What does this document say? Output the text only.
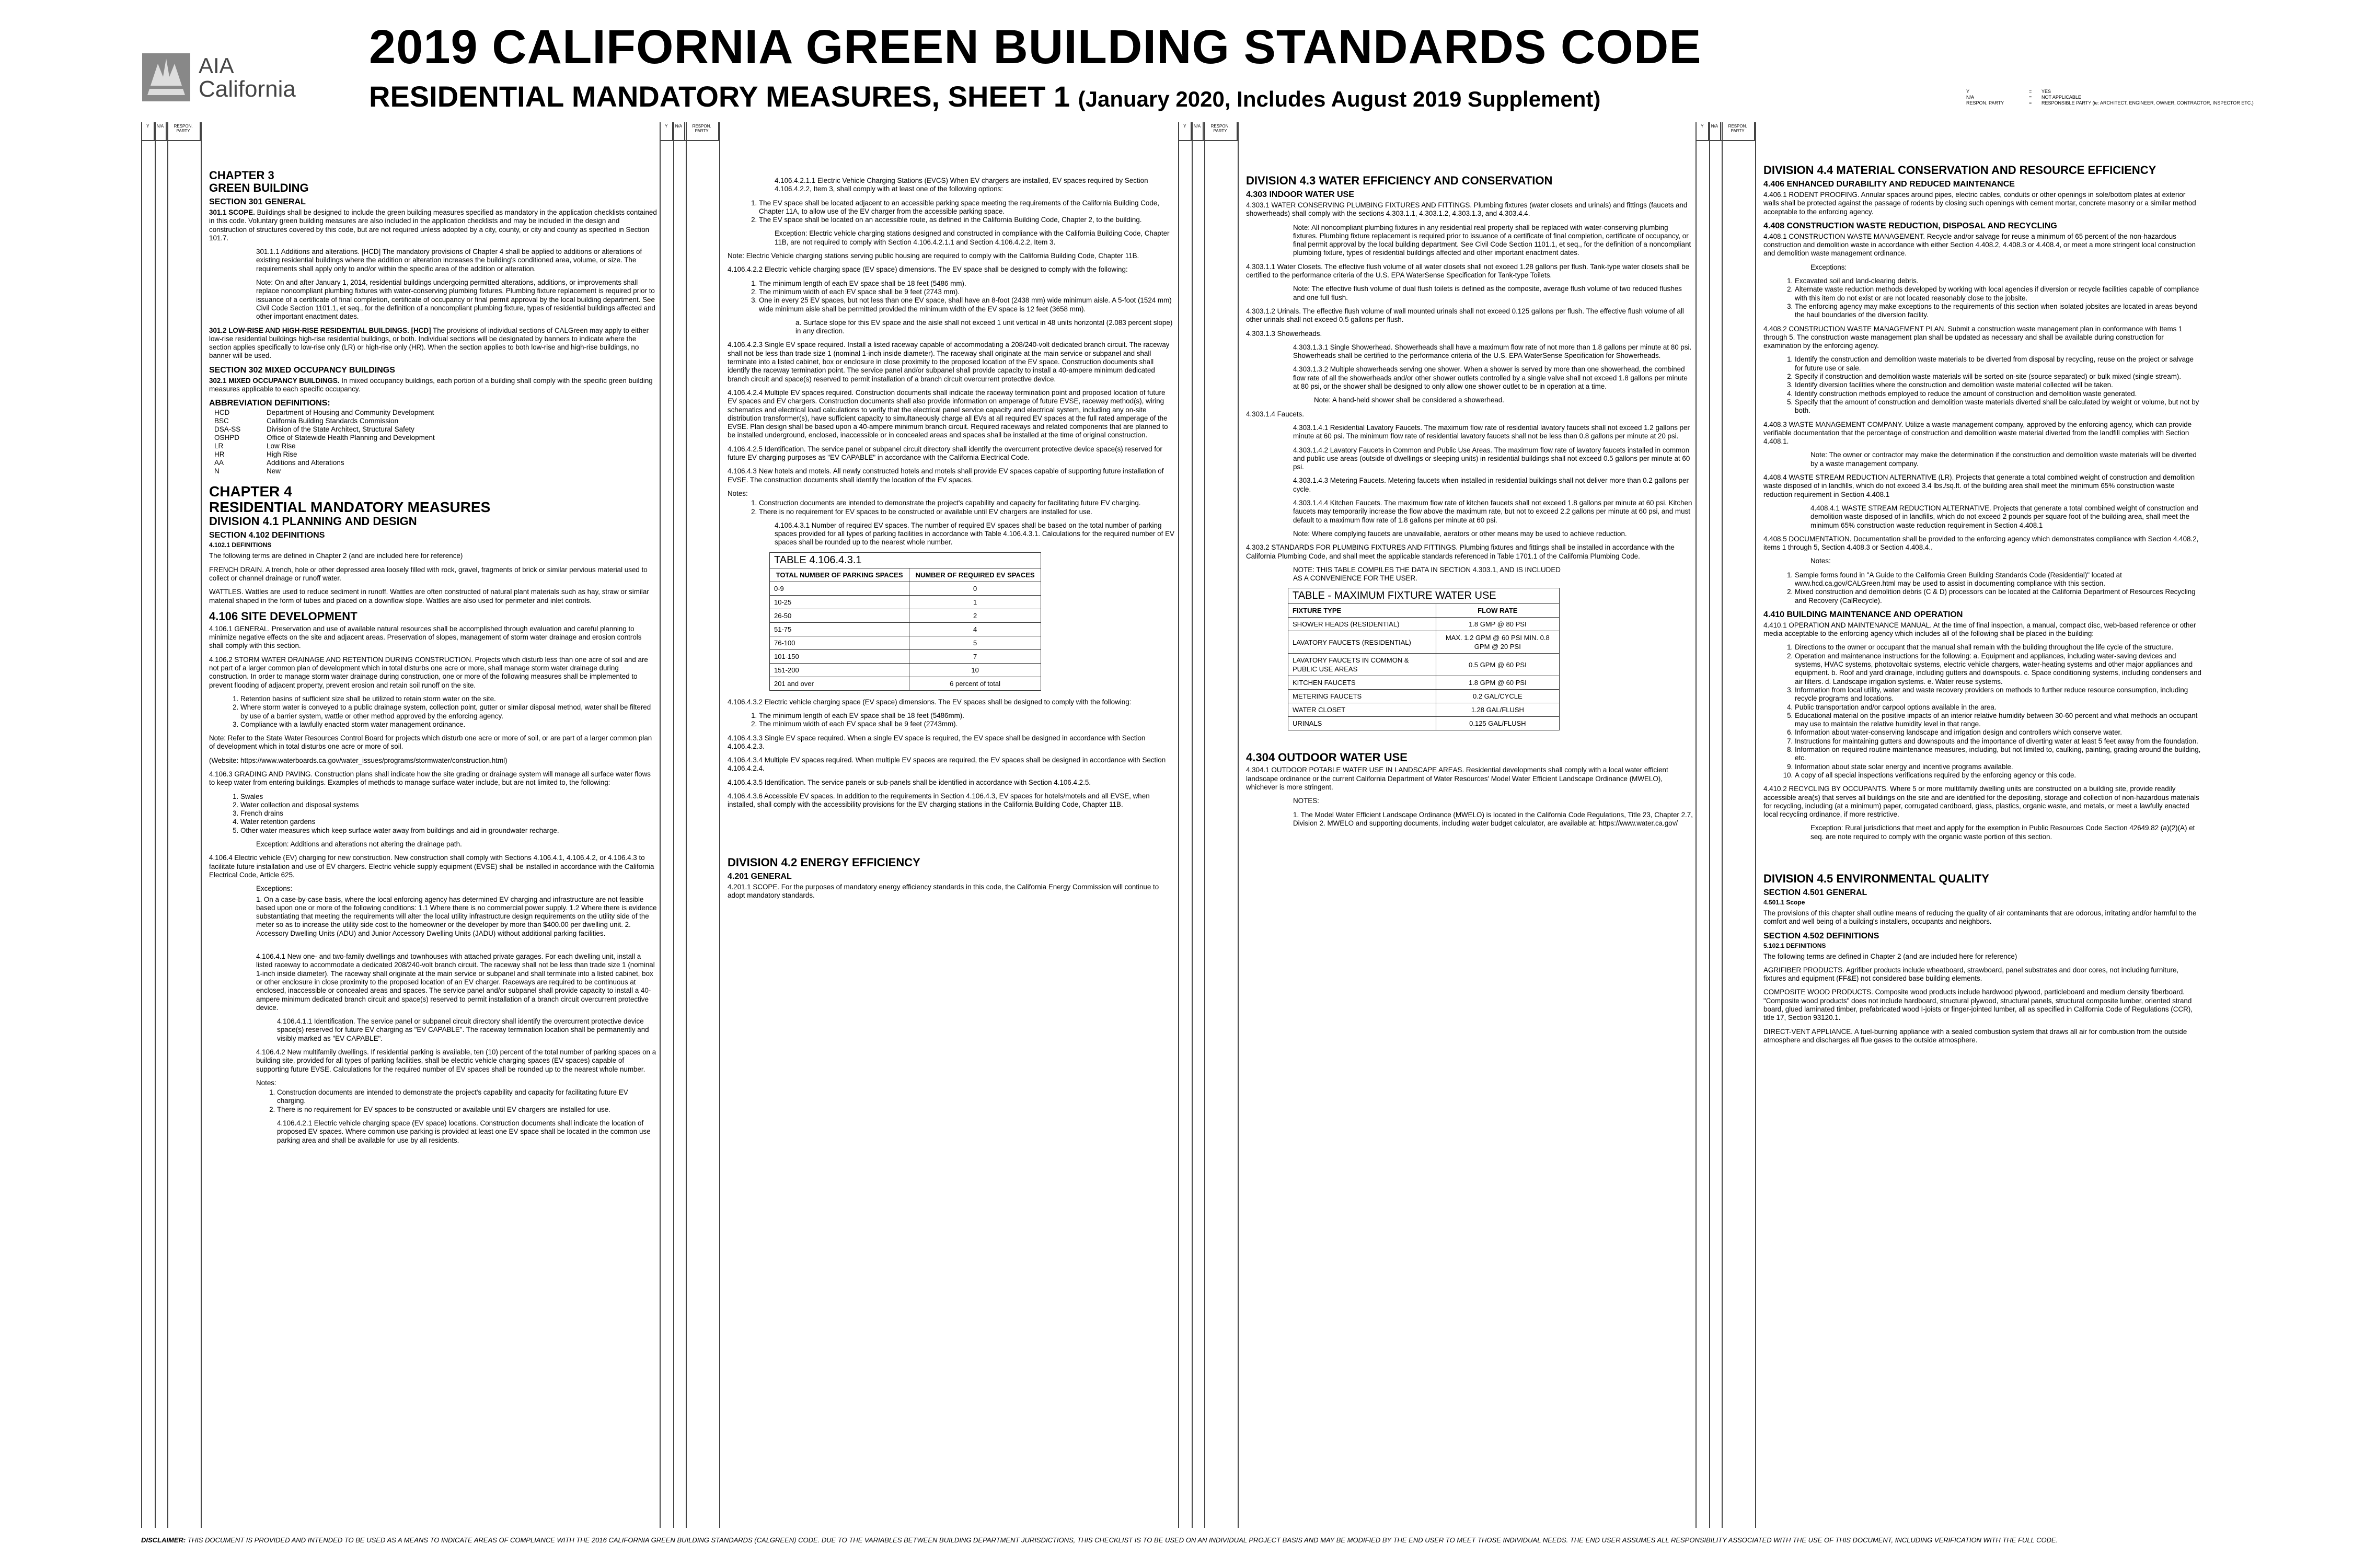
AIA
California
2019 CALIFORNIA GREEN BUILDING STANDARDS CODE
RESIDENTIAL MANDATORY MEASURES, SHEET 1 (January 2020, Includes August 2019 Supplement)	Y	=	YES
N/A	=	NOT APPLICABLE
RESPON. PARTY	=	RESPONSIBLE PARTY (ie: ARCHITECT, ENGINEER, OWNER, CONTRACTOR, INSPECTOR ETC.)
Y	N/A	RESPON. PARTY
CHAPTER 3
GREEN BUILDING
SECTION 301 GENERAL

301.1 SCOPE. Buildings shall be designed to include the green building measures specified as mandatory in the application checklists contained in this code. Voluntary green building measures are also included in the application checklists and may be included in the design and construction of structures covered by this code, but are not required unless adopted by a city, county, or city and county as specified in Section 101.7.

301.1.1 Additions and alterations. [HCD] The mandatory provisions of Chapter 4 shall be applied to additions or alterations of existing residential buildings where the addition or alteration increases the building's conditioned area, volume, or size. The requirements shall apply only to and/or within the specific area of the addition or alteration.

Note: On and after January 1, 2014, residential buildings undergoing permitted alterations, additions, or improvements shall replace noncompliant plumbing fixtures with water-conserving plumbing fixtures. Plumbing fixture replacement is required prior to issuance of a certificate of final completion, certificate of occupancy or final permit approval by the local building department. See Civil Code Section 1101.1, et seq., for the definition of a noncompliant plumbing fixture, types of residential buildings affected and other important enactment dates.

301.2 LOW-RISE AND HIGH-RISE RESIDENTIAL BUILDINGS. [HCD] The provisions of individual sections of CALGreen may apply to either low-rise residential buildings high-rise residential buildings, or both. Individual sections will be designated by banners to indicate where the section applies specifically to low-rise only (LR) or high-rise only (HR). When the section applies to both low-rise and high-rise buildings, no banner will be used.

SECTION 302 MIXED OCCUPANCY BUILDINGS

302.1 MIXED OCCUPANCY BUILDINGS. In mixed occupancy buildings, each portion of a building shall comply with the specific green building measures applicable to each specific occupancy.

ABBREVIATION DEFINITIONS:
HCD	Department of Housing and Community Development
BSC	California Building Standards Commission
DSA-SS	Division of the State Architect, Structural Safety
OSHPD	Office of Statewide Health Planning and Development
LR	Low Rise
HR	High Rise
AA	Additions and Alterations
N	New
CHAPTER 4
RESIDENTIAL MANDATORY MEASURES
DIVISION 4.1 PLANNING AND DESIGN
SECTION 4.102 DEFINITIONS
4.102.1 DEFINITIONS

The following terms are defined in Chapter 2 (and are included here for reference)

FRENCH DRAIN. A trench, hole or other depressed area loosely filled with rock, gravel, fragments of brick or similar pervious material used to collect or channel drainage or runoff water.

WATTLES. Wattles are used to reduce sediment in runoff. Wattles are often constructed of natural plant materials such as hay, straw or similar material shaped in the form of tubes and placed on a downflow slope. Wattles are also used for perimeter and inlet controls.

4.106 SITE DEVELOPMENT

4.106.1 GENERAL. Preservation and use of available natural resources shall be accomplished through evaluation and careful planning to minimize negative effects on the site and adjacent areas. Preservation of slopes, management of storm water drainage and erosion controls shall comply with this section.

4.106.2 STORM WATER DRAINAGE AND RETENTION DURING CONSTRUCTION. Projects which disturb less than one acre of soil and are not part of a larger common plan of development which in total disturbs one acre or more, shall manage storm water drainage during construction. In order to manage storm water drainage during construction, one or more of the following measures shall be implemented to prevent flooding of adjacent property, prevent erosion and retain soil runoff on the site.

1. Retention basins of sufficient size shall be utilized to retain storm water on the site.
2. Where storm water is conveyed to a public drainage system, collection point, gutter or similar disposal method, water shall be filtered by use of a barrier system, wattle or other method approved by the enforcing agency.
3. Compliance with a lawfully enacted storm water management ordinance.

Note: Refer to the State Water Resources Control Board for projects which disturb one acre or more of soil, or are part of a larger common plan of development which in total disturbs one acre or more of soil.

(Website: https://www.waterboards.ca.gov/water_issues/programs/stormwater/construction.html)

4.106.3 GRADING AND PAVING. Construction plans shall indicate how the site grading or drainage system will manage all surface water flows to keep water from entering buildings. Examples of methods to manage surface water include, but are not limited to, the following:

1. Swales
2. Water collection and disposal systems
3. French drains
4. Water retention gardens
5. Other water measures which keep surface water away from buildings and aid in groundwater recharge.

Exception: Additions and alterations not altering the drainage path.

4.106.4 Electric vehicle (EV) charging for new construction. New construction shall comply with Sections 4.106.4.1, 4.106.4.2, or 4.106.4.3 to facilitate future installation and use of EV chargers. Electric vehicle supply equipment (EVSE) shall be installed in accordance with the California Electrical Code, Article 625.

Exceptions:

1. On a case-by-case basis, where the local enforcing agency has determined EV charging and infrastructure are not feasible based upon one or more of the following conditions: 1.1 Where there is no commercial power supply. 1.2 Where there is evidence substantiating that meeting the requirements will alter the local utility infrastructure design requirements on the utility side of the meter so as to increase the utility side cost to the homeowner or the developer by more than $400.00 per dwelling unit. 2. Accessory Dwelling Units (ADU) and Junior Accessory Dwelling Units (JADU) without additional parking facilities.

4.106.4.1 New one- and two-family dwellings and townhouses with attached private garages. For each dwelling unit, install a listed raceway to accommodate a dedicated 208/240-volt branch circuit. The raceway shall not be less than trade size 1 (nominal 1-inch inside diameter). The raceway shall originate at the main service or subpanel and shall terminate into a listed cabinet, box or other enclosure in close proximity to the proposed location of an EV charger. Raceways are required to be continuous at enclosed, inaccessible or concealed areas and spaces. The service panel and/or subpanel shall provide capacity to install a 40-ampere minimum dedicated branch circuit and space(s) reserved to permit installation of a branch circuit overcurrent protective device.

4.106.4.1.1 Identification. The service panel or subpanel circuit directory shall identify the overcurrent protective device space(s) reserved for future EV charging as "EV CAPABLE". The raceway termination location shall be permanently and visibly marked as "EV CAPABLE".

4.106.4.2 New multifamily dwellings. If residential parking is available, ten (10) percent of the total number of parking spaces on a building site, provided for all types of parking facilities, shall be electric vehicle charging spaces (EV spaces) capable of supporting future EVSE. Calculations for the required number of EV spaces shall be rounded up to the nearest whole number.

Notes:

1. Construction documents are intended to demonstrate the project's capability and capacity for facilitating future EV charging.
2. There is no requirement for EV spaces to be constructed or available until EV chargers are installed for use.

4.106.4.2.1 Electric vehicle charging space (EV space) locations. Construction documents shall indicate the location of proposed EV spaces. Where common use parking is provided at least one EV space shall be located in the common use parking area and shall be available for use by all residents.

Y	N/A	RESPON. PARTY

4.106.4.2.1.1 Electric Vehicle Charging Stations (EVCS) When EV chargers are installed, EV spaces required by Section 4.106.4.2.2, Item 3, shall comply with at least one of the following options:

1. The EV space shall be located adjacent to an accessible parking space meeting the requirements of the California Building Code, Chapter 11A, to allow use of the EV charger from the accessible parking space.
2. The EV space shall be located on an accessible route, as defined in the California Building Code, Chapter 2, to the building.

Exception: Electric vehicle charging stations designed and constructed in compliance with the California Building Code, Chapter 11B, are not required to comply with Section 4.106.4.2.1.1 and Section 4.106.4.2.2, Item 3.

Note: Electric Vehicle charging stations serving public housing are required to comply with the California Building Code, Chapter 11B.

4.106.4.2.2 Electric vehicle charging space (EV space) dimensions. The EV space shall be designed to comply with the following:

1. The minimum length of each EV space shall be 18 feet (5486 mm).
2. The minimum width of each EV space shall be 9 feet (2743 mm).
3. One in every 25 EV spaces, but not less than one EV space, shall have an 8-foot (2438 mm) wide minimum aisle. A 5-foot (1524 mm) wide minimum aisle shall be permitted provided the minimum width of the EV space is 12 feet (3658 mm).

a. Surface slope for this EV space and the aisle shall not exceed 1 unit vertical in 48 units horizontal (2.083 percent slope) in any direction.

4.106.4.2.3 Single EV space required. Install a listed raceway capable of accommodating a 208/240-volt dedicated branch circuit. The raceway shall not be less than trade size 1 (nominal 1-inch inside diameter). The raceway shall originate at the main service or subpanel and shall terminate into a listed cabinet, box or enclosure in close proximity to the proposed location of the EV space. Construction documents shall identify the raceway termination point. The service panel and/or subpanel shall provide capacity to install a 40-ampere minimum dedicated branch circuit and space(s) reserved to permit installation of a branch circuit overcurrent protective device.

4.106.4.2.4 Multiple EV spaces required. Construction documents shall indicate the raceway termination point and proposed location of future EV spaces and EV chargers. Construction documents shall also provide information on amperage of future EVSE, raceway method(s), wiring schematics and electrical load calculations to verify that the electrical panel service capacity and electrical system, including any on-site distribution transformer(s), have sufficient capacity to simultaneously charge all EVs at all required EV spaces at the full rated amperage of the EVSE. Plan design shall be based upon a 40-ampere minimum branch circuit. Required raceways and related components that are planned to be installed underground, enclosed, inaccessible or in concealed areas and spaces shall be installed at the time of original construction.

4.106.4.2.5 Identification. The service panel or subpanel circuit directory shall identify the overcurrent protective device space(s) reserved for future EV charging purposes as "EV CAPABLE" in accordance with the California Electrical Code.

4.106.4.3 New hotels and motels. All newly constructed hotels and motels shall provide EV spaces capable of supporting future installation of EVSE. The construction documents shall identify the location of the EV spaces.

Notes:

1. Construction documents are intended to demonstrate the project's capability and capacity for facilitating future EV charging.
2. There is no requirement for EV spaces to be constructed or available until EV chargers are installed for use.

4.106.4.3.1 Number of required EV spaces. The number of required EV spaces shall be based on the total number of parking spaces provided for all types of parking facilities in accordance with Table 4.106.4.3.1. Calculations for the required number of EV spaces shall be rounded up to the nearest whole number.

TABLE 4.106.4.3.1	
TOTAL NUMBER OF PARKING SPACES	NUMBER OF REQUIRED EV SPACES
0-9	0
10-25	1
26-50	2
51-75	4
76-100	5
101-150	7
151-200	10
201 and over	6 percent of total

4.106.4.3.2 Electric vehicle charging space (EV space) dimensions. The EV spaces shall be designed to comply with the following:

1. The minimum length of each EV space shall be 18 feet (5486mm).
2. The minimum width of each EV space shall be 9 feet (2743mm).

4.106.4.3.3 Single EV space required. When a single EV space is required, the EV space shall be designed in accordance with Section 4.106.4.2.3.

4.106.4.3.4 Multiple EV spaces required. When multiple EV spaces are required, the EV spaces shall be designed in accordance with Section 4.106.4.2.4.

4.106.4.3.5 Identification. The service panels or sub-panels shall be identified in accordance with Section 4.106.4.2.5.

4.106.4.3.6 Accessible EV spaces. In addition to the requirements in Section 4.106.4.3, EV spaces for hotels/motels and all EVSE, when installed, shall comply with the accessibility provisions for the EV charging stations in the California Building Code, Chapter 11B.

DIVISION 4.2 ENERGY EFFICIENCY
4.201 GENERAL

4.201.1 SCOPE. For the purposes of mandatory energy efficiency standards in this code, the California Energy Commission will continue to adopt mandatory standards.

Y	N/A	RESPON. PARTY
DIVISION 4.3 WATER EFFICIENCY AND CONSERVATION
4.303 INDOOR WATER USE

4.303.1 WATER CONSERVING PLUMBING FIXTURES AND FITTINGS. Plumbing fixtures (water closets and urinals) and fittings (faucets and showerheads) shall comply with the sections 4.303.1.1, 4.303.1.2, 4.303.1.3, and 4.303.4.4.

Note: All noncompliant plumbing fixtures in any residential real property shall be replaced with water-conserving plumbing fixtures. Plumbing fixture replacement is required prior to issuance of a certificate of final completion, certificate of occupancy, or final permit approval by the local building department. See Civil Code Section 1101.1, et seq., for the definition of a noncompliant plumbing fixture, types of residential buildings affected and other important enactment dates.

4.303.1.1 Water Closets. The effective flush volume of all water closets shall not exceed 1.28 gallons per flush. Tank-type water closets shall be certified to the performance criteria of the U.S. EPA WaterSense Specification for Tank-type Toilets.

Note: The effective flush volume of dual flush toilets is defined as the composite, average flush volume of two reduced flushes and one full flush.

4.303.1.2 Urinals. The effective flush volume of wall mounted urinals shall not exceed 0.125 gallons per flush. The effective flush volume of all other urinals shall not exceed 0.5 gallons per flush.

4.303.1.3 Showerheads.

4.303.1.3.1 Single Showerhead. Showerheads shall have a maximum flow rate of not more than 1.8 gallons per minute at 80 psi. Showerheads shall be certified to the performance criteria of the U.S. EPA WaterSense Specification for Showerheads.

4.303.1.3.2 Multiple showerheads serving one shower. When a shower is served by more than one showerhead, the combined flow rate of all the showerheads and/or other shower outlets controlled by a single valve shall not exceed 1.8 gallons per minute at 80 psi, or the shower shall be designed to only allow one shower outlet to be in operation at a time.

Note: A hand-held shower shall be considered a showerhead.

4.303.1.4 Faucets.

4.303.1.4.1 Residential Lavatory Faucets. The maximum flow rate of residential lavatory faucets shall not exceed 1.2 gallons per minute at 60 psi. The minimum flow rate of residential lavatory faucets shall not be less than 0.8 gallons per minute at 20 psi.

4.303.1.4.2 Lavatory Faucets in Common and Public Use Areas. The maximum flow rate of lavatory faucets installed in common and public use areas (outside of dwellings or sleeping units) in residential buildings shall not exceed 0.5 gallons per minute at 60 psi.

4.303.1.4.3 Metering Faucets. Metering faucets when installed in residential buildings shall not deliver more than 0.2 gallons per cycle.

4.303.1.4.4 Kitchen Faucets. The maximum flow rate of kitchen faucets shall not exceed 1.8 gallons per minute at 60 psi. Kitchen faucets may temporarily increase the flow above the maximum rate, but not to exceed 2.2 gallons per minute at 60 psi, and must default to a maximum flow rate of 1.8 gallons per minute at 60 psi.

Note: Where complying faucets are unavailable, aerators or other means may be used to achieve reduction.

4.303.2 STANDARDS FOR PLUMBING FIXTURES AND FITTINGS. Plumbing fixtures and fittings shall be installed in accordance with the California Plumbing Code, and shall meet the applicable standards referenced in Table 1701.1 of the California Plumbing Code.

NOTE: THIS TABLE COMPILES THE DATA IN SECTION 4.303.1, AND IS INCLUDED AS A CONVENIENCE FOR THE USER.

TABLE - MAXIMUM FIXTURE WATER USE	
FIXTURE TYPE	FLOW RATE
SHOWER HEADS (RESIDENTIAL)	1.8 GMP @ 80 PSI
LAVATORY FAUCETS (RESIDENTIAL)	MAX. 1.2 GPM @ 60 PSI MIN. 0.8 GPM @ 20 PSI
LAVATORY FAUCETS IN COMMON & PUBLIC USE AREAS	0.5 GPM @ 60 PSI
KITCHEN FAUCETS	1.8 GPM @ 60 PSI
METERING FAUCETS	0.2 GAL/CYCLE
WATER CLOSET	1.28 GAL/FLUSH
URINALS	0.125 GAL/FLUSH
4.304 OUTDOOR WATER USE

4.304.1 OUTDOOR POTABLE WATER USE IN LANDSCAPE AREAS. Residential developments shall comply with a local water efficient landscape ordinance or the current California Department of Water Resources' Model Water Efficient Landscape Ordinance (MWELO), whichever is more stringent.

NOTES:

1. The Model Water Efficient Landscape Ordinance (MWELO) is located in the California Code Regulations, Title 23, Chapter 2.7, Division 2. MWELO and supporting documents, including water budget calculator, are available at: https://www.water.ca.gov/

Y	N/A	RESPON. PARTY
DIVISION 4.4 MATERIAL CONSERVATION AND RESOURCE EFFICIENCY
4.406 ENHANCED DURABILITY AND REDUCED MAINTENANCE

4.406.1 RODENT PROOFING. Annular spaces around pipes, electric cables, conduits or other openings in sole/bottom plates at exterior walls shall be protected against the passage of rodents by closing such openings with cement mortar, concrete masonry or a similar method acceptable to the enforcing agency.

4.408 CONSTRUCTION WASTE REDUCTION, DISPOSAL AND RECYCLING

4.408.1 CONSTRUCTION WASTE MANAGEMENT. Recycle and/or salvage for reuse a minimum of 65 percent of the non-hazardous construction and demolition waste in accordance with either Section 4.408.2, 4.408.3 or 4.408.4, or meet a more stringent local construction and demolition waste management ordinance.

Exceptions:

1. Excavated soil and land-clearing debris.
2. Alternate waste reduction methods developed by working with local agencies if diversion or recycle facilities capable of compliance with this item do not exist or are not located reasonably close to the jobsite.
3. The enforcing agency may make exceptions to the requirements of this section when isolated jobsites are located in areas beyond the haul boundaries of the diversion facility.

4.408.2 CONSTRUCTION WASTE MANAGEMENT PLAN. Submit a construction waste management plan in conformance with Items 1 through 5. The construction waste management plan shall be updated as necessary and shall be available during construction for examination by the enforcing agency.

1. Identify the construction and demolition waste materials to be diverted from disposal by recycling, reuse on the project or salvage for future use or sale.
2. Specify if construction and demolition waste materials will be sorted on-site (source separated) or bulk mixed (single stream).
3. Identify diversion facilities where the construction and demolition waste material collected will be taken.
4. Identify construction methods employed to reduce the amount of construction and demolition waste generated.
5. Specify that the amount of construction and demolition waste materials diverted shall be calculated by weight or volume, but not by both.

4.408.3 WASTE MANAGEMENT COMPANY. Utilize a waste management company, approved by the enforcing agency, which can provide verifiable documentation that the percentage of construction and demolition waste material diverted from the landfill complies with Section 4.408.1.

Note: The owner or contractor may make the determination if the construction and demolition waste materials will be diverted by a waste management company.

4.408.4 WASTE STREAM REDUCTION ALTERNATIVE (LR). Projects that generate a total combined weight of construction and demolition waste disposed of in landfills, which do not exceed 3.4 lbs./sq.ft. of the building area shall meet the minimum 65% construction waste reduction requirement in Section 4.408.1

4.408.4.1 WASTE STREAM REDUCTION ALTERNATIVE. Projects that generate a total combined weight of construction and demolition waste disposed of in landfills, which do not exceed 2 pounds per square foot of the building area, shall meet the minimum 65% construction waste reduction requirement in Section 4.408.1

4.408.5 DOCUMENTATION. Documentation shall be provided to the enforcing agency which demonstrates compliance with Section 4.408.2, items 1 through 5, Section 4.408.3 or Section 4.408.4..

Notes:

1. Sample forms found in "A Guide to the California Green Building Standards Code (Residential)" located at www.hcd.ca.gov/CALGreen.html may be used to assist in documenting compliance with this section.
2. Mixed construction and demolition debris (C & D) processors can be located at the California Department of Resources Recycling and Recovery (CalRecycle).
4.410 BUILDING MAINTENANCE AND OPERATION

4.410.1 OPERATION AND MAINTENANCE MANUAL. At the time of final inspection, a manual, compact disc, web-based reference or other media acceptable to the enforcing agency which includes all of the following shall be placed in the building:

1. Directions to the owner or occupant that the manual shall remain with the building throughout the life cycle of the structure.
2. Operation and maintenance instructions for the following: a. Equipment and appliances, including water-saving devices and systems, HVAC systems, photovoltaic systems, electric vehicle chargers, water-heating systems and other major appliances and equipment. b. Roof and yard drainage, including gutters and downspouts. c. Space conditioning systems, including condensers and air filters. d. Landscape irrigation systems. e. Water reuse systems.
3. Information from local utility, water and waste recovery providers on methods to further reduce resource consumption, including recycle programs and locations.
4. Public transportation and/or carpool options available in the area.
5. Educational material on the positive impacts of an interior relative humidity between 30-60 percent and what methods an occupant may use to maintain the relative humidity level in that range.
6. Information about water-conserving landscape and irrigation design and controllers which conserve water.
7. Instructions for maintaining gutters and downspouts and the importance of diverting water at least 5 feet away from the foundation.
8. Information on required routine maintenance measures, including, but not limited to, caulking, painting, grading around the building, etc.
9. Information about state solar energy and incentive programs available.
10. A copy of all special inspections verifications required by the enforcing agency or this code.

4.410.2 RECYCLING BY OCCUPANTS. Where 5 or more multifamily dwelling units are constructed on a building site, provide readily accessible area(s) that serves all buildings on the site and are identified for the depositing, storage and collection of non-hazardous materials for recycling, including (at a minimum) paper, corrugated cardboard, glass, plastics, organic waste, and metals, or meet a lawfully enacted local recycling ordinance, if more restrictive.

Exception: Rural jurisdictions that meet and apply for the exemption in Public Resources Code Section 42649.82 (a)(2)(A) et seq. are note required to comply with the organic waste portion of this section.

DIVISION 4.5 ENVIRONMENTAL QUALITY
SECTION 4.501 GENERAL
4.501.1 Scope

The provisions of this chapter shall outline means of reducing the quality of air contaminants that are odorous, irritating and/or harmful to the comfort and well being of a building's installers, occupants and neighbors.

SECTION 4.502 DEFINITIONS
5.102.1 DEFINITIONS

The following terms are defined in Chapter 2 (and are included here for reference)

AGRIFIBER PRODUCTS. Agrifiber products include wheatboard, strawboard, panel substrates and door cores, not including furniture, fixtures and equipment (FF&E) not considered base building elements.

COMPOSITE WOOD PRODUCTS. Composite wood products include hardwood plywood, particleboard and medium density fiberboard. "Composite wood products" does not include hardboard, structural plywood, structural panels, structural composite lumber, oriented strand board, glued laminated timber, prefabricated wood I-joists or finger-jointed lumber, all as specified in California Code of Regulations (CCR), title 17, Section 93120.1.

DIRECT-VENT APPLIANCE. A fuel-burning appliance with a sealed combustion system that draws all air for combustion from the outside atmosphere and discharges all flue gases to the outside atmosphere.

DISCLAIMER: THIS DOCUMENT IS PROVIDED AND INTENDED TO BE USED AS A MEANS TO INDICATE AREAS OF COMPLIANCE WITH THE 2016 CALIFORNIA GREEN BUILDING STANDARDS (CALGREEN) CODE. DUE TO THE VARIABLES BETWEEN BUILDING DEPARTMENT JURISDICTIONS, THIS CHECKLIST IS TO BE USED ON AN INDIVIDUAL PROJECT BASIS AND MAY BE MODIFIED BY THE END USER TO MEET THOSE INDIVIDUAL NEEDS. THE END USER ASSUMES ALL RESPONSIBILITY ASSOCIATED WITH THE USE OF THIS DOCUMENT, INCLUDING VERIFICATION WITH THE FULL CODE.
